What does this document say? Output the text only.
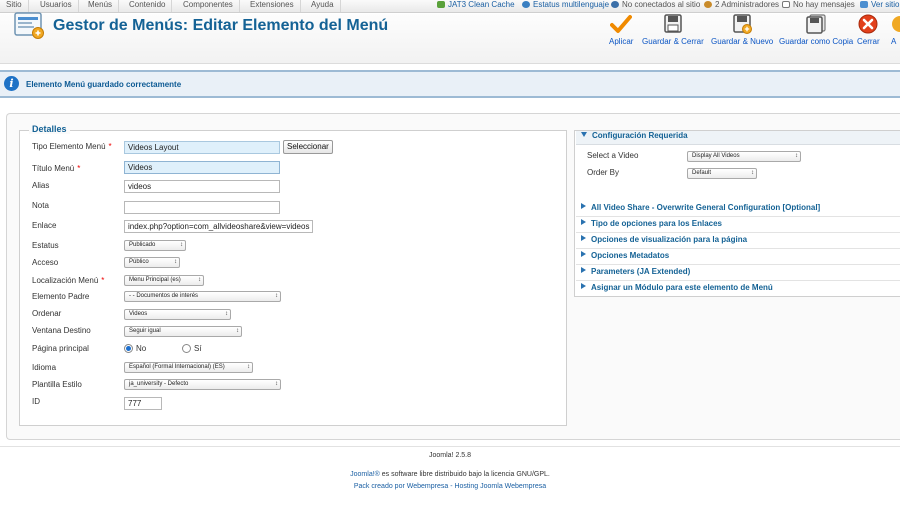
Sitio	Usuarios	Menús	Contenido	Componentes	Extensiones	Ayuda	JAT3 Clean Cache	Estatus multilenguaje	No conectados al sitio	2 Administradores	No hay mensajes	Ver sitio
Gestor de Menús: Editar Elemento del Menú
Aplicar Guardar & Cerrar Guardar & Nuevo Guardar como Copia Cerrar A
i	Elemento Menú guardado correctamente
Detalles
Tipo Elemento Menú *	Videos Layout	Seleccionar
Título Menú *	Videos
Alias	videos
Nota
Enlace	index.php?option=com_allvideoshare&view=videos
Estatus	Publicado	↕
Acceso	Público	↕
Localización Menú *	Menu Principal (es)	↕
Elemento Padre	- - Documentos de interés	↕
Ordenar	Videos	↕
Ventana Destino	Seguir igual	↕
Página principal	No	Sí
Idioma	Español (Formal Internacional) (ES)	↕
Plantilla Estilo	ja_university - Defecto	↕
ID	777
Configuración Requerida
Select a Video	Display All Videos	↕
Order By	Default	↕
All Video Share - Overwrite General Configuration [Optional]
Tipo de opciones para los Enlaces
Opciones de visualización para la página
Opciones Metadatos
Parameters (JA Extended)
Asignar un Módulo para este elemento de Menú
Joomla! 2.5.8
Joomla!® es software libre distribuido bajo la licencia GNU/GPL.
Pack creado por Webempresa - Hosting Joomla Webempresa
